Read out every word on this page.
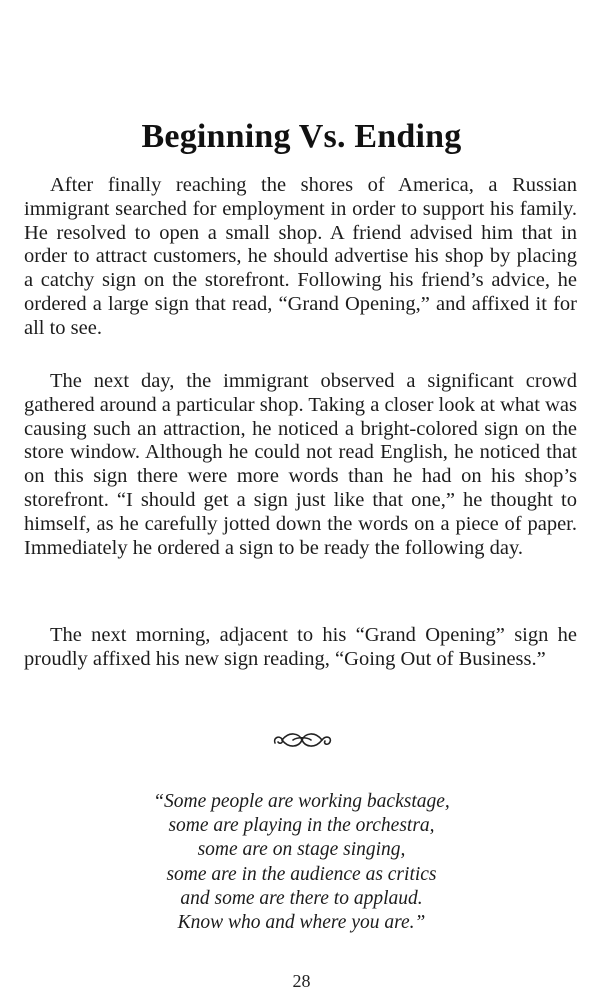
Beginning Vs. Ending

After finally reaching the shores of America, a Russian immigrant searched for employment in order to support his family. He resolved to open a small shop. A friend advised him that in order to attract customers, he should advertise his shop by placing a catchy sign on the storefront. Following his friend’s advice, he ordered a large sign that read, “Grand Opening,” and affixed it for all to see.

The next day, the immigrant observed a significant crowd gathered around a particular shop. Taking a closer look at what was causing such an attraction, he noticed a bright-colored sign on the store window. Although he could not read English, he noticed that on this sign there were more words than he had on his shop’s storefront. “I should get a sign just like that one,” he thought to himself, as he carefully jotted down the words on a piece of paper. Immediately he ordered a sign to be ready the following day.

The next morning, adjacent to his “Grand Opening” sign he proudly affixed his new sign reading, “Going Out of Business.”

“Some people are working backstage,
some are playing in the orchestra,
some are on stage singing,
some are in the audience as critics
and some are there to applaud.
Know who and where you are.”
28
